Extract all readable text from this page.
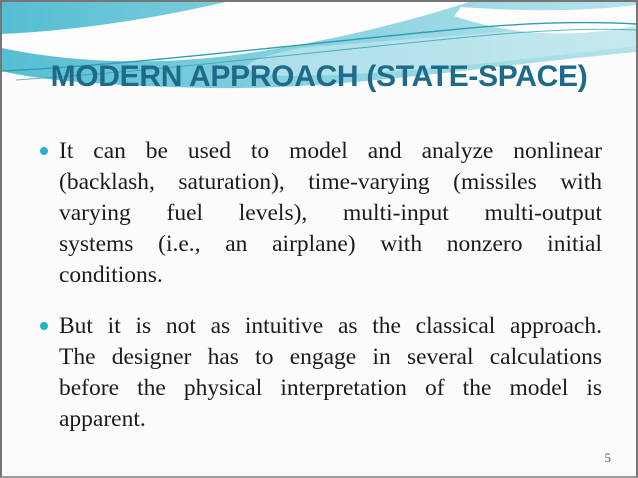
MODERN APPROACH (STATE-SPACE)
It can be used to model and analyze nonlinear
(backlash, saturation), time-varying (missiles with
varying fuel levels), multi-input multi-output
systems (i.e., an airplane) with nonzero initial
conditions.
But it is not as intuitive as the classical approach.
The designer has to engage in several calculations
before the physical interpretation of the model is
apparent.
5
